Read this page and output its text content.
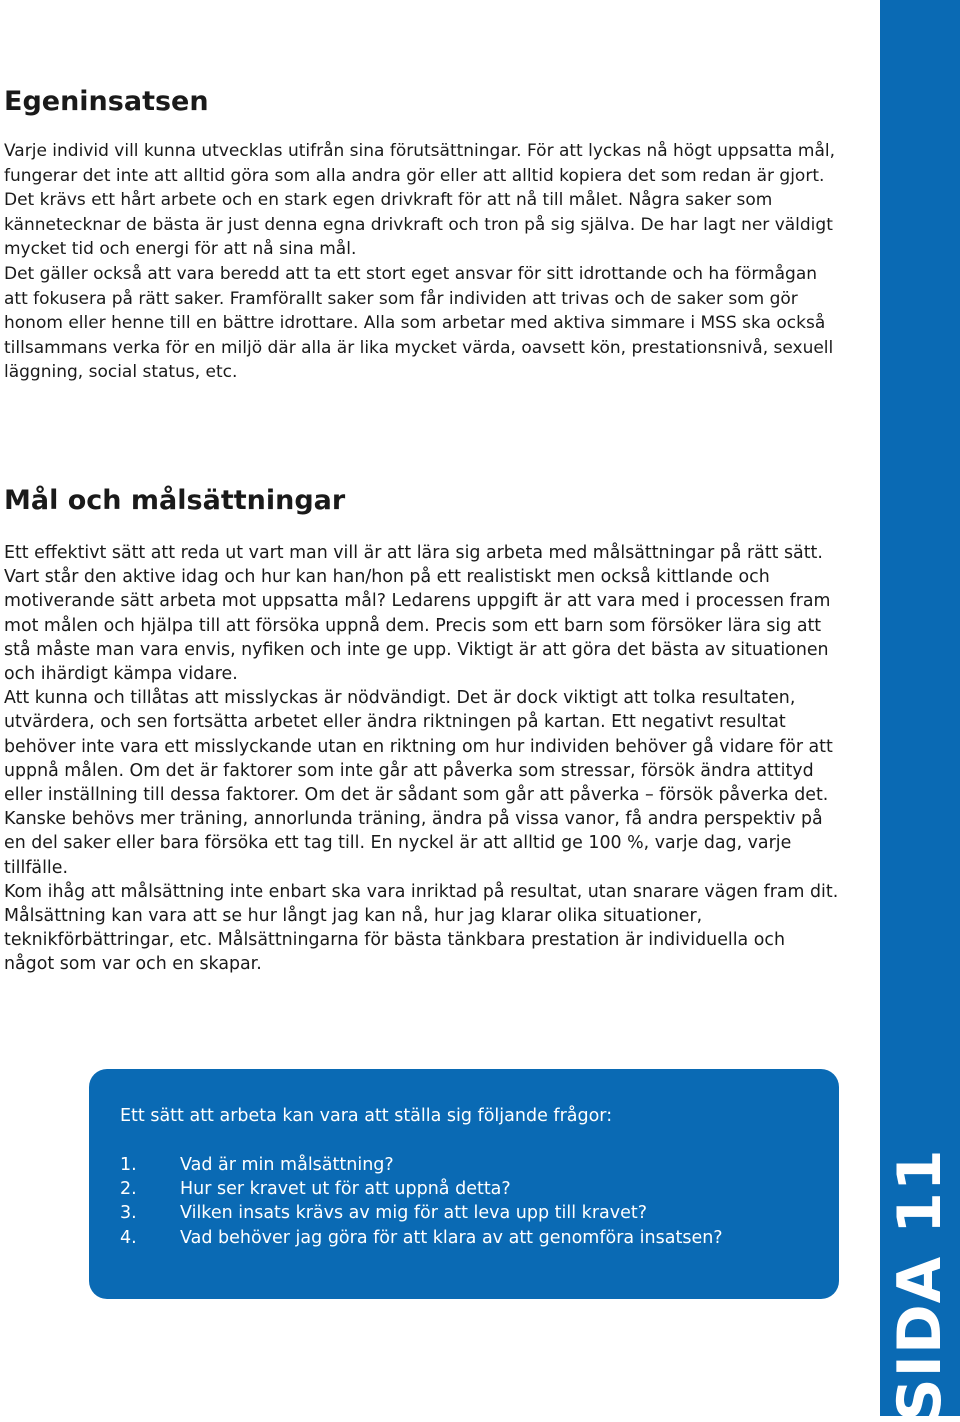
SIDA 11
Egeninsatsen

Varje individ vill kunna utvecklas utifrån sina förutsättningar. För att lyckas nå högt uppsatta mål, fungerar det inte att alltid göra som alla andra gör eller att alltid kopiera det som redan är gjort. Det krävs ett hårt arbete och en stark egen drivkraft för att nå till målet. Några saker som kännetecknar de bästa är just denna egna drivkraft och tron på sig själva. De har lagt ner väldigt mycket tid och energi för att nå sina mål.

Det gäller också att vara beredd att ta ett stort eget ansvar för sitt idrottande och ha förmågan att fokusera på rätt saker. Framförallt saker som får individen att trivas och de saker som gör honom eller henne till en bättre idrottare. Alla som arbetar med aktiva simmare i MSS ska också tillsammans verka för en miljö där alla är lika mycket värda, oavsett kön, prestationsnivå, sexuell läggning, social status, etc.

Mål och målsättningar

Ett effektivt sätt att reda ut vart man vill är att lära sig arbeta med målsättningar på rätt sätt. Vart står den aktive idag och hur kan han/hon på ett realistiskt men också kittlande och motiverande sätt arbeta mot uppsatta mål? Ledarens uppgift är att vara med i processen fram mot målen och hjälpa till att försöka uppnå dem. Precis som ett barn som försöker lära sig att stå måste man vara envis, nyfiken och inte ge upp. Viktigt är att göra det bästa av situationen och ihärdigt kämpa vidare.

Att kunna och tillåtas att misslyckas är nödvändigt. Det är dock viktigt att tolka resultaten, utvärdera, och sen fortsätta arbetet eller ändra riktningen på kartan. Ett negativt resultat behöver inte vara ett misslyckande utan en riktning om hur individen behöver gå vidare för att uppnå målen. Om det är faktorer som inte går att påverka som stressar, försök ändra attityd eller inställning till dessa faktorer. Om det är sådant som går att påverka – försök påverka det. Kanske behövs mer träning, annorlunda träning, ändra på vissa vanor, få andra perspektiv på en del saker eller bara försöka ett tag till. En nyckel är att alltid ge 100 %, varje dag, varje tillfälle.

Kom ihåg att målsättning inte enbart ska vara inriktad på resultat, utan snarare vägen fram dit. Målsättning kan vara att se hur långt jag kan nå, hur jag klarar olika situationer, teknikförbättringar, etc. Målsättningarna för bästa tänkbara prestation är individuella och något som var och en skapar.

Ett sätt att arbeta kan vara att ställa sig följande frågor:

1. Vad är min målsättning?
2. Hur ser kravet ut för att uppnå detta?
3. Vilken insats krävs av mig för att leva upp till kravet?
4. Vad behöver jag göra för att klara av att genomföra insatsen?
